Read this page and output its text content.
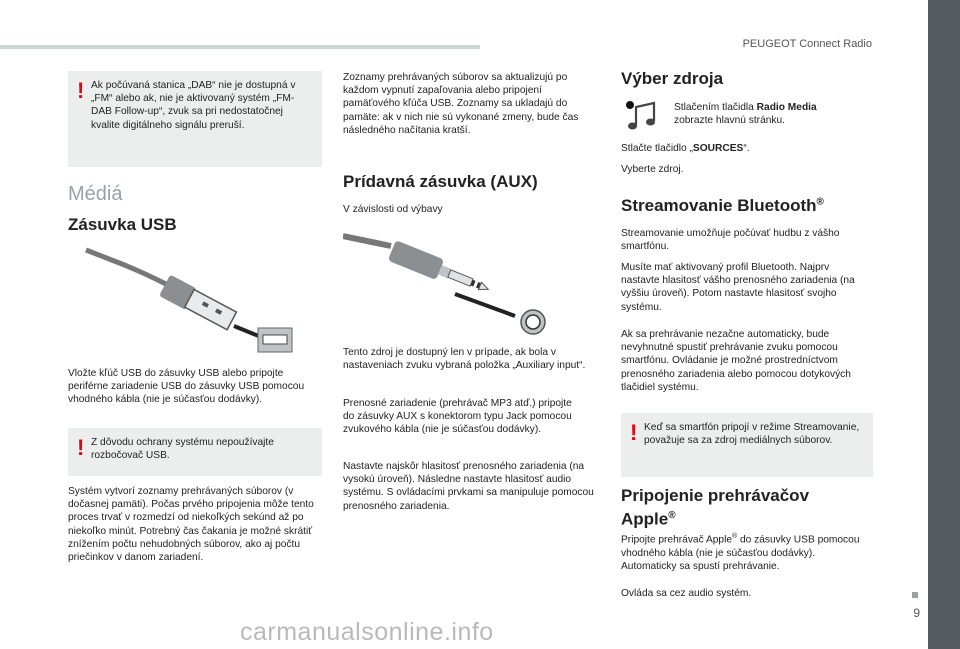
PEUGEOT Connect Radio
9
! Ak počúvaná stanica „DAB“ nie je dostupná v „FM“ alebo ak, nie je aktivovaný systém „FM-DAB Follow-up“, zvuk sa pri nedostatočnej kvalite digitálneho signálu preruší.
Médiá
Zásuvka USB
Vložte kľúč USB do zásuvky USB alebo pripojte periférne zariadenie USB do zásuvky USB pomocou vhodného kábla (nie je súčasťou dodávky).
! Z dôvodu ochrany systému nepoužívajte rozbočovač USB.
Systém vytvorí zoznamy prehrávaných súborov (v dočasnej pamäti). Počas prvého pripojenia môže tento proces trvať v rozmedzí od niekoľkých sekúnd až po niekoľko minút. Potrebný čas čakania je možné skrátiť znížením počtu nehudobných súborov, ako aj počtu priečinkov v danom zariadení.
Zoznamy prehrávaných súborov sa aktualizujú po každom vypnutí zapaľovania alebo pripojení pamäťového kľúča USB. Zoznamy sa ukladajú do pamäte: ak v nich nie sú vykonané zmeny, bude čas následného načítania kratší.
Prídavná zásuvka (AUX)
V závislosti od výbavy
Tento zdroj je dostupný len v prípade, ak bola v nastaveniach zvuku vybraná položka „Auxiliary input“.
Prenosné zariadenie (prehrávač MP3 atď.) pripojte do zásuvky AUX s konektorom typu Jack pomocou zvukového kábla (nie je súčasťou dodávky).
Nastavte najskôr hlasitosť prenosného zariadenia (na vysokú úroveň). Následne nastavte hlasitosť audio systému. S ovládacími prvkami sa manipuluje pomocou prenosného zariadenia.
Výber zdroja
Stlačením tlačidla Radio Media zobrazte hlavnú stránku.
Stlačte tlačidlo „SOURCES“.
Vyberte zdroj.
Streamovanie Bluetooth®
Streamovanie umožňuje počúvať hudbu z vášho smartfónu.
Musíte mať aktivovaný profil Bluetooth. Najprv nastavte hlasitosť vášho prenosného zariadenia (na vyššiu úroveň). Potom nastavte hlasitosť svojho systému.
Ak sa prehrávanie nezačne automaticky, bude nevyhnutné spustiť prehrávanie zvuku pomocou smartfónu. Ovládanie je možné prostredníctvom prenosného zariadenia alebo pomocou dotykových tlačidiel systému.
! Keď sa smartfón pripojí v režime Streamovanie, považuje sa za zdroj mediálnych súborov.
Pripojenie prehrávačov
Apple®
Pripojte prehrávač Apple® do zásuvky USB pomocou vhodného kábla (nie je súčasťou dodávky). Automaticky sa spustí prehrávanie.
Ovláda sa cez audio systém.
carmanualsonline.info
